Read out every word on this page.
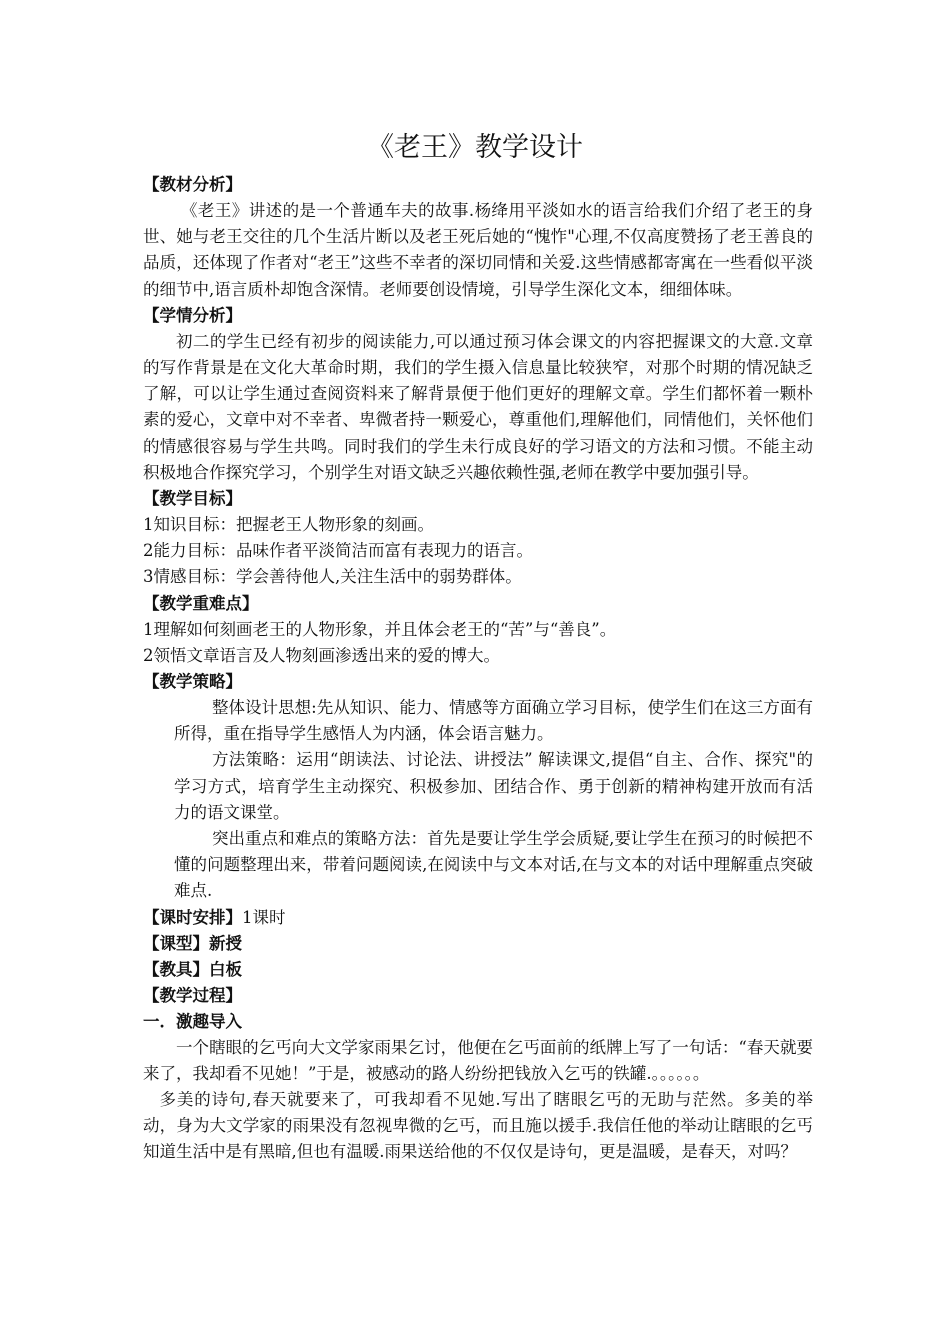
《老王》教学设计
【教材分析】

《老王》讲述的是一个普通车夫的故事.杨绛用平淡如水的语言给我们介绍了老王的身世、她与老王交往的几个生活片断以及老王死后她的“愧怍"心理,不仅高度赞扬了老王善良的品质，还体现了作者对“老王”这些不幸者的深切同情和关爱.这些情感都寄寓在一些看似平淡的细节中,语言质朴却饱含深情。老师要创设情境，引导学生深化文本，细细体味。

【学情分析】

初二的学生已经有初步的阅读能力,可以通过预习体会课文的内容把握课文的大意.文章的写作背景是在文化大革命时期，我们的学生摄入信息量比较狭窄，对那个时期的情况缺乏了解，可以让学生通过查阅资料来了解背景便于他们更好的理解文章。学生们都怀着一颗朴素的爱心，文章中对不幸者、卑微者持一颗爱心，尊重他们,理解他们，同情他们，关怀他们的情感很容易与学生共鸣。同时我们的学生未行成良好的学习语文的方法和习惯。不能主动积极地合作探究学习，个别学生对语文缺乏兴趣依赖性强,老师在教学中要加强引导。

【教学目标】

1知识目标：把握老王人物形象的刻画。

2能力目标：品味作者平淡简洁而富有表现力的语言。

3情感目标：学会善待他人,关注生活中的弱势群体。

【教学重难点】

1理解如何刻画老王的人物形象，并且体会老王的“苦”与“善良”。

2领悟文章语言及人物刻画渗透出来的爱的博大。

【教学策略】

整体设计思想:先从知识、能力、情感等方面确立学习目标，使学生们在这三方面有所得，重在指导学生感悟人为内涵，体会语言魅力。

方法策略：运用“朗读法、讨论法、讲授法” 解读课文,提倡“自主、合作、探究"的学习方式，培育学生主动探究、积极参加、团结合作、勇于创新的精神构建开放而有活力的语文课堂。

突出重点和难点的策略方法：首先是要让学生学会质疑,要让学生在预习的时候把不懂的问题整理出来，带着问题阅读,在阅读中与文本对话,在与文本的对话中理解重点突破难点.

【课时安排】1课时
【课型】新授
【教具】白板
【教学过程】
一．激趣导入

一个瞎眼的乞丐向大文学家雨果乞讨，他便在乞丐面前的纸牌上写了一句话：“春天就要来了，我却看不见她！”于是，被感动的路人纷纷把钱放入乞丐的铁罐.。。。。。。

多美的诗句,春天就要来了，可我却看不见她.写出了瞎眼乞丐的无助与茫然。多美的举动，身为大文学家的雨果没有忽视卑微的乞丐，而且施以援手.我信任他的举动让瞎眼的乞丐知道生活中是有黑暗,但也有温暖.雨果送给他的不仅仅是诗句，更是温暖，是春天，对吗？
